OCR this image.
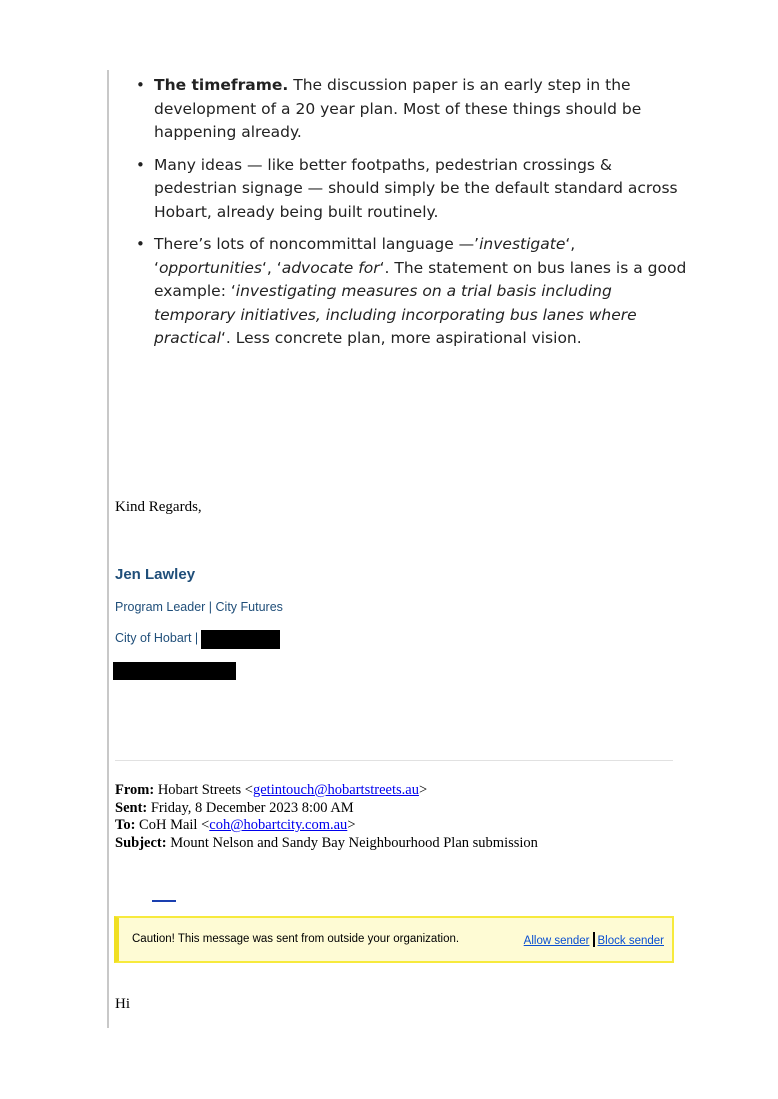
• The timeframe. The discussion paper is an early step in the development of a 20 year plan. Most of these things should be happening already.
• Many ideas — like better footpaths, pedestrian crossings & pedestrian signage — should simply be the default standard across Hobart, already being built routinely.
• There’s lots of noncommittal language —’investigate‘, ‘opportunities‘, ‘advocate for‘. The statement on bus lanes is a good example: ‘investigating measures on a trial basis including temporary initiatives, including incorporating bus lanes where practical‘. Less concrete plan, more aspirational vision.
Kind Regards,
Jen Lawley
Program Leader | City Futures
City of Hobart |
From: Hobart Streets <getintouch@hobartstreets.au>
Sent: Friday, 8 December 2023 8:00 AM
To: CoH Mail <coh@hobartcity.com.au>
Subject: Mount Nelson and Sandy Bay Neighbourhood Plan submission
Caution! This message was sent from outside your organization.	Allow sender Block sender
Hi
